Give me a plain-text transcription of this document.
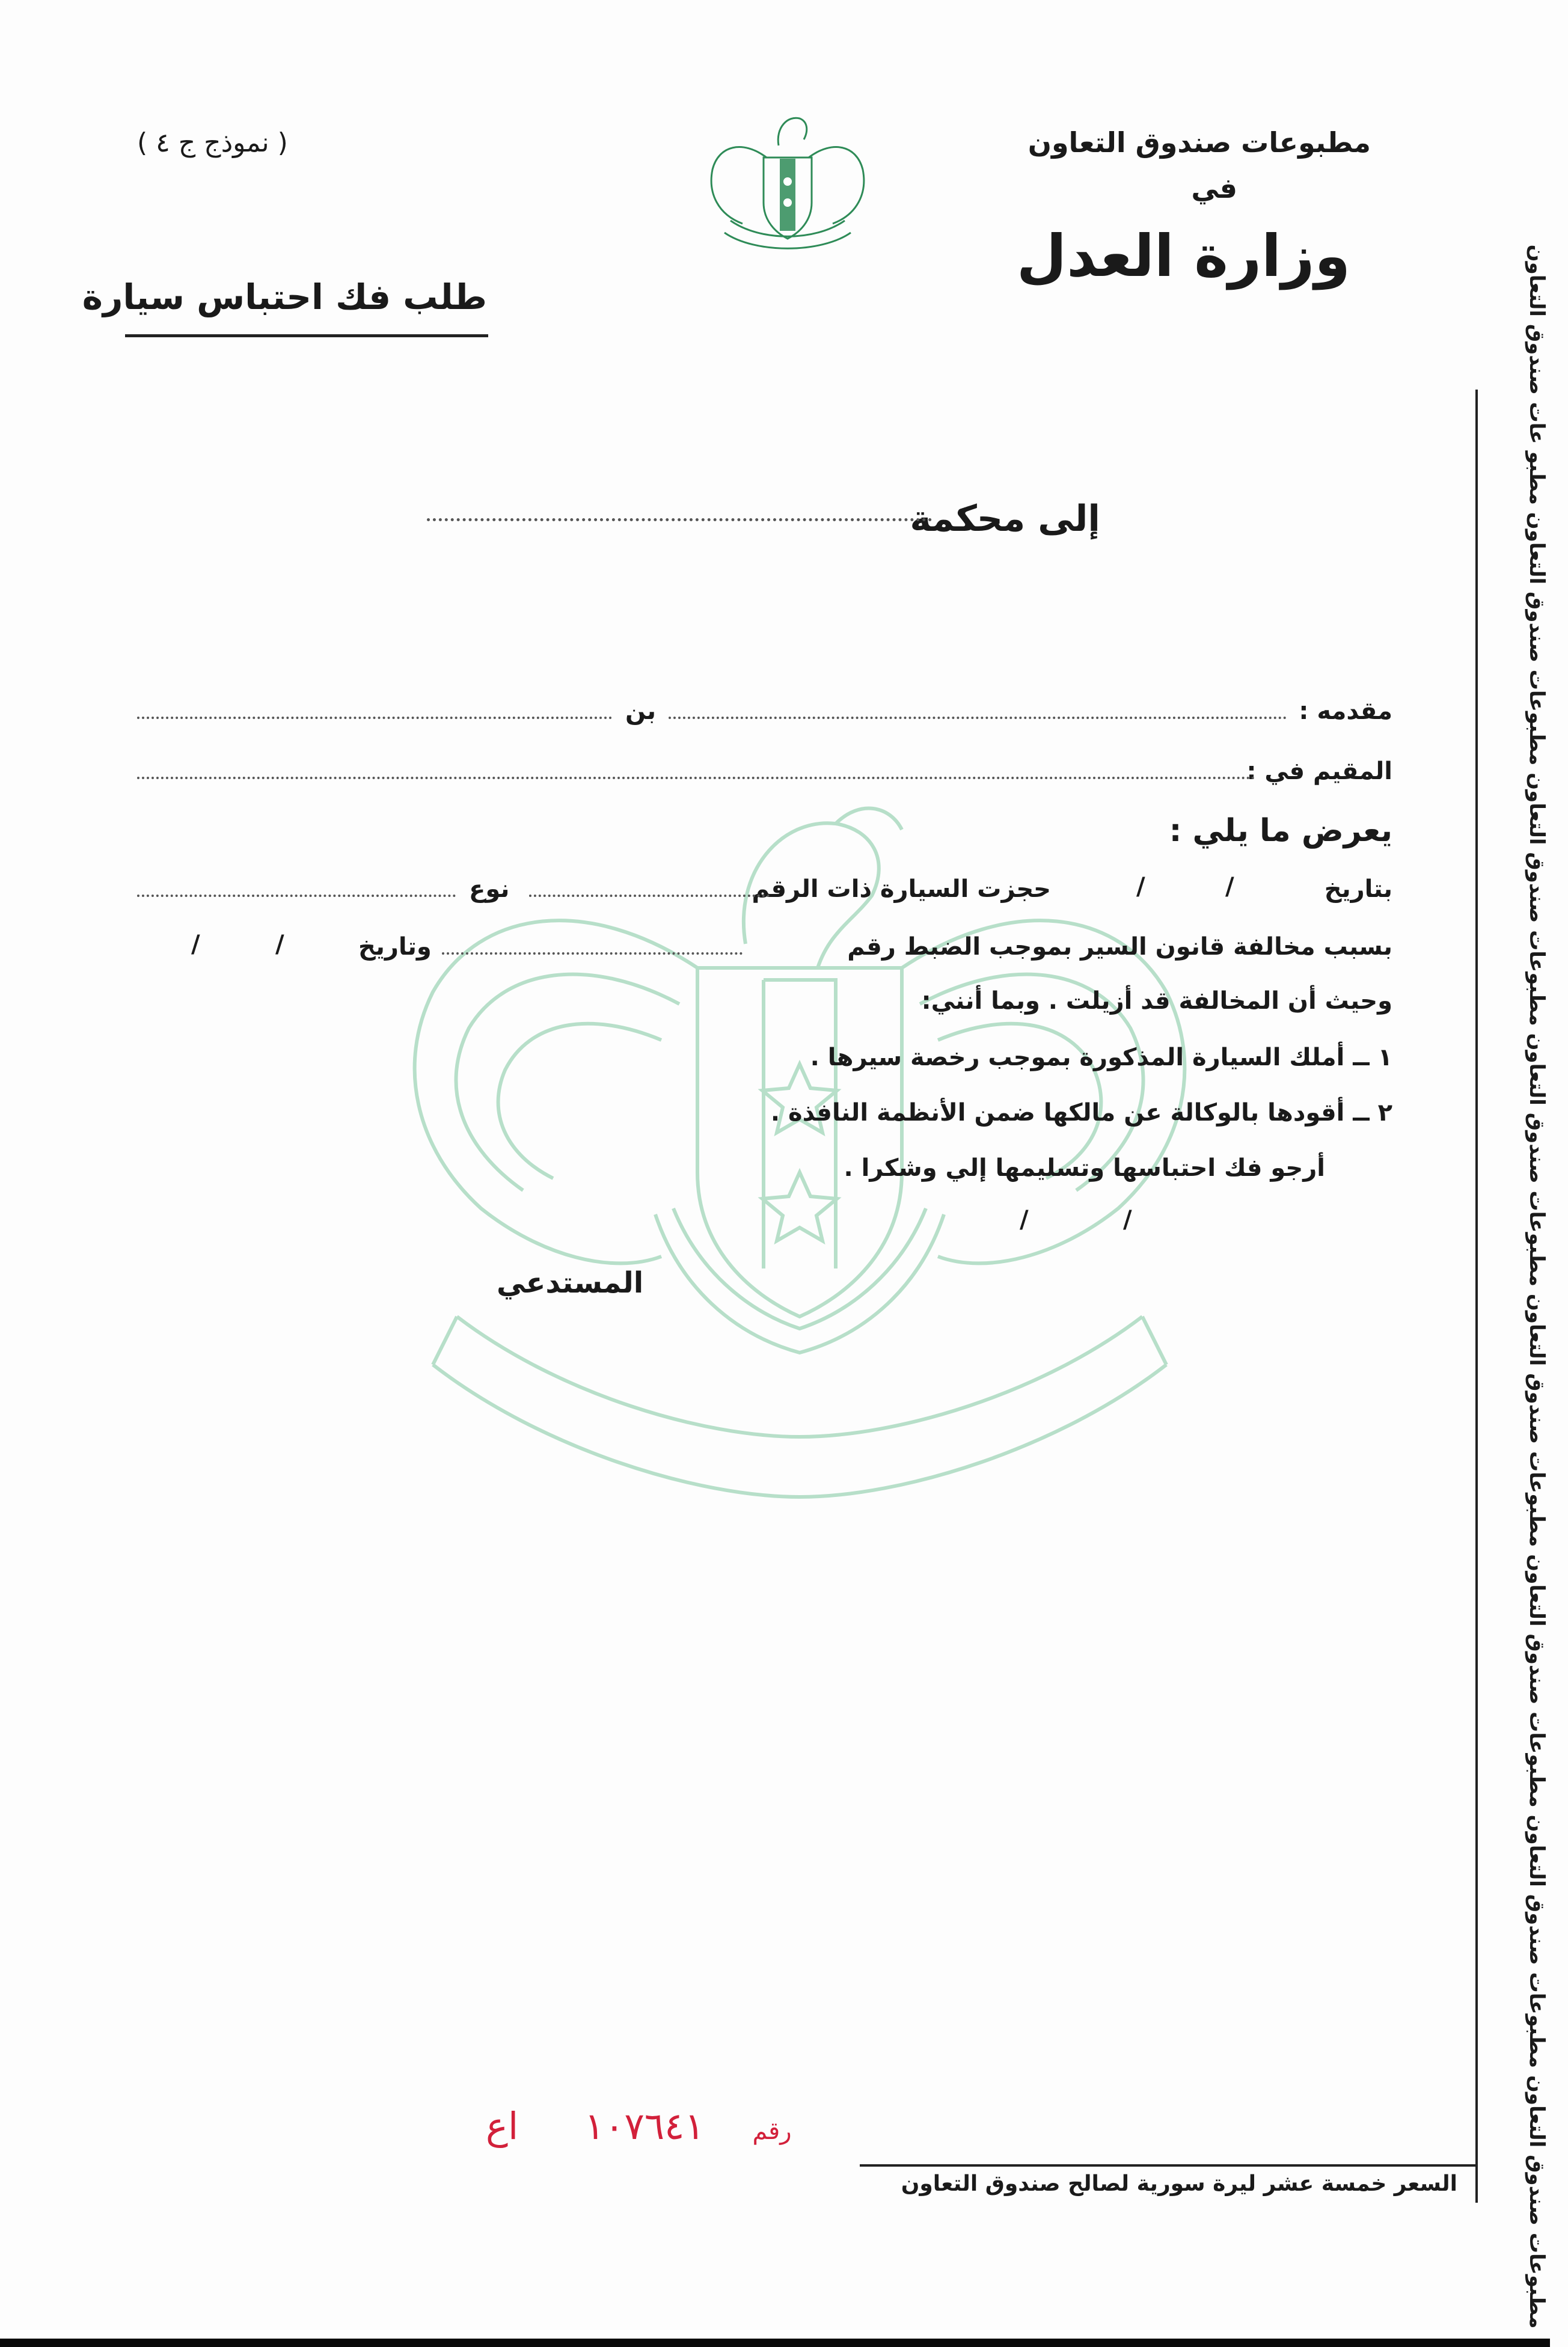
( نموذج ج ٤ )	مطبوعات صندوق التعاون
في
وزارة العدل
طلب فك احتباس سيارة
إلى محكمة
مقدمه :
بن
المقيم في :
يعرض ما يلي :
بتاريخ
/
/
حجزت السيارة ذات الرقم
نوع
بسبب مخالفة قانون السير بموجب الضبط رقم
وتاريخ
/
/
وحيث أن المخالفة قد أزيلت . وبما أنني:
١ ــ أملك السيارة المذكورة بموجب رخصة سيرها .
٢ ــ أقودها بالوكالة عن مالكها ضمن الأنظمة النافذة .
أرجو فك احتباسها وتسليمها إلي وشكرا .
/
/
المستدعي	مطبوعات صندوق التعاون مطبوعات صندوق التعاون مطبوعات صندوق التعاون مطبوعات صندوق التعاون مطبوعات صندوق التعاون مطبوعات صندوق التعاون مطبوعات صندوق التعاون مطبو عات صندوق التعاون
السعر خمسة عشر ليرة سورية لصالح صندوق التعاون
رقم ١٠٧٦٤١ اع
